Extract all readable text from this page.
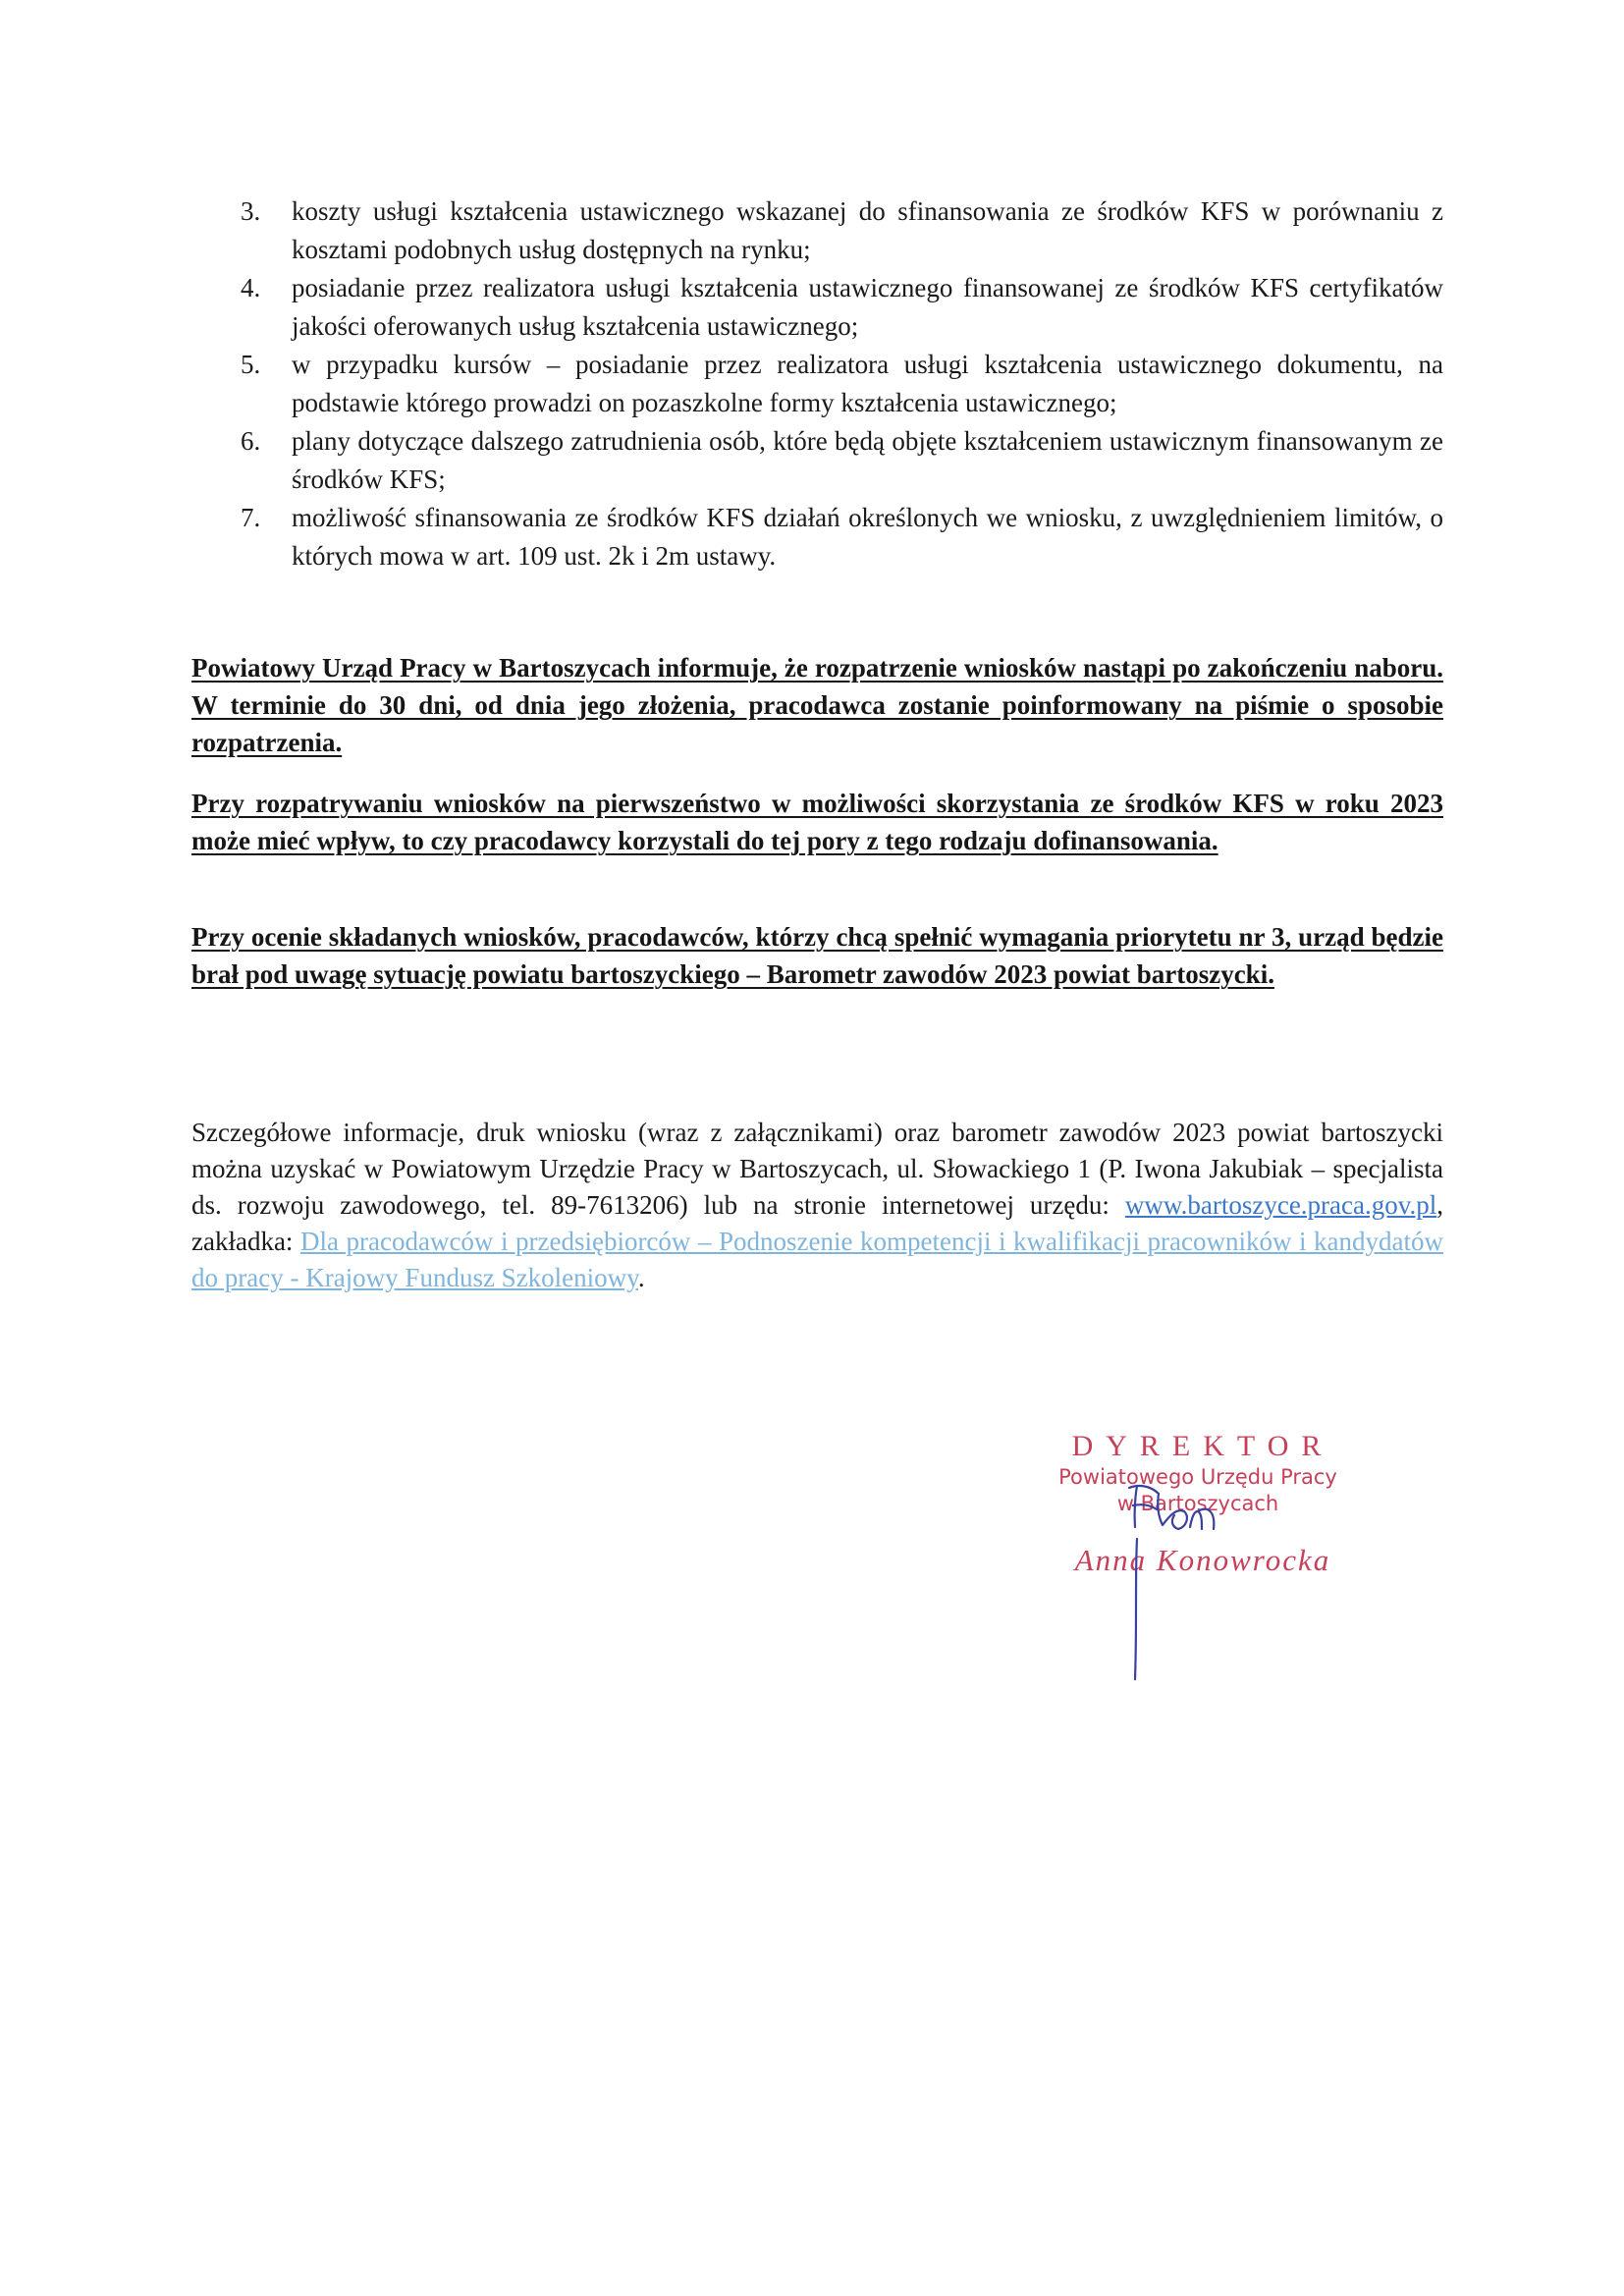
3. koszty usługi kształcenia ustawicznego wskazanej do sfinansowania ze środków KFS w porównaniu z kosztami podobnych usług dostępnych na rynku;
4. posiadanie przez realizatora usługi kształcenia ustawicznego finansowanej ze środków KFS certyfikatów jakości oferowanych usług kształcenia ustawicznego;
5. w przypadku kursów – posiadanie przez realizatora usługi kształcenia ustawicznego dokumentu, na podstawie którego prowadzi on pozaszkolne formy kształcenia ustawicznego;
6. plany dotyczące dalszego zatrudnienia osób, które będą objęte kształceniem ustawicznym finansowanym ze środków KFS;
7. możliwość sfinansowania ze środków KFS działań określonych we wniosku, z uwzględnieniem limitów, o których mowa w art. 109 ust. 2k i 2m ustawy.

Powiatowy Urząd Pracy w Bartoszycach informuje, że rozpatrzenie wniosków nastąpi po zakończeniu naboru. W terminie do 30 dni, od dnia jego złożenia, pracodawca zostanie poinformowany na piśmie o sposobie rozpatrzenia.

Przy rozpatrywaniu wniosków na pierwszeństwo w możliwości skorzystania ze środków KFS w roku 2023 może mieć wpływ, to czy pracodawcy korzystali do tej pory z tego rodzaju dofinansowania.

Przy ocenie składanych wniosków, pracodawców, którzy chcą spełnić wymagania priorytetu nr 3, urząd będzie brał pod uwagę sytuację powiatu bartoszyckiego – Barometr zawodów 2023 powiat bartoszycki.

Szczegółowe informacje, druk wniosku (wraz z załącznikami) oraz barometr zawodów 2023 powiat bartoszycki można uzyskać w Powiatowym Urzędzie Pracy w Bartoszycach, ul. Słowackiego 1 (P. Iwona Jakubiak – specjalista ds. rozwoju zawodowego, tel. 89-7613206) lub na stronie internetowej urzędu: www.bartoszyce.praca.gov.pl, zakładka: Dla pracodawców i przedsiębiorców – Podnoszenie kompetencji i kwalifikacji pracowników i kandydatów do pracy - Krajowy Fundusz Szkoleniowy.

DYREKTOR
Powiatowego Urzędu Pracy
w Bartoszycach
Anna Konowrocka
